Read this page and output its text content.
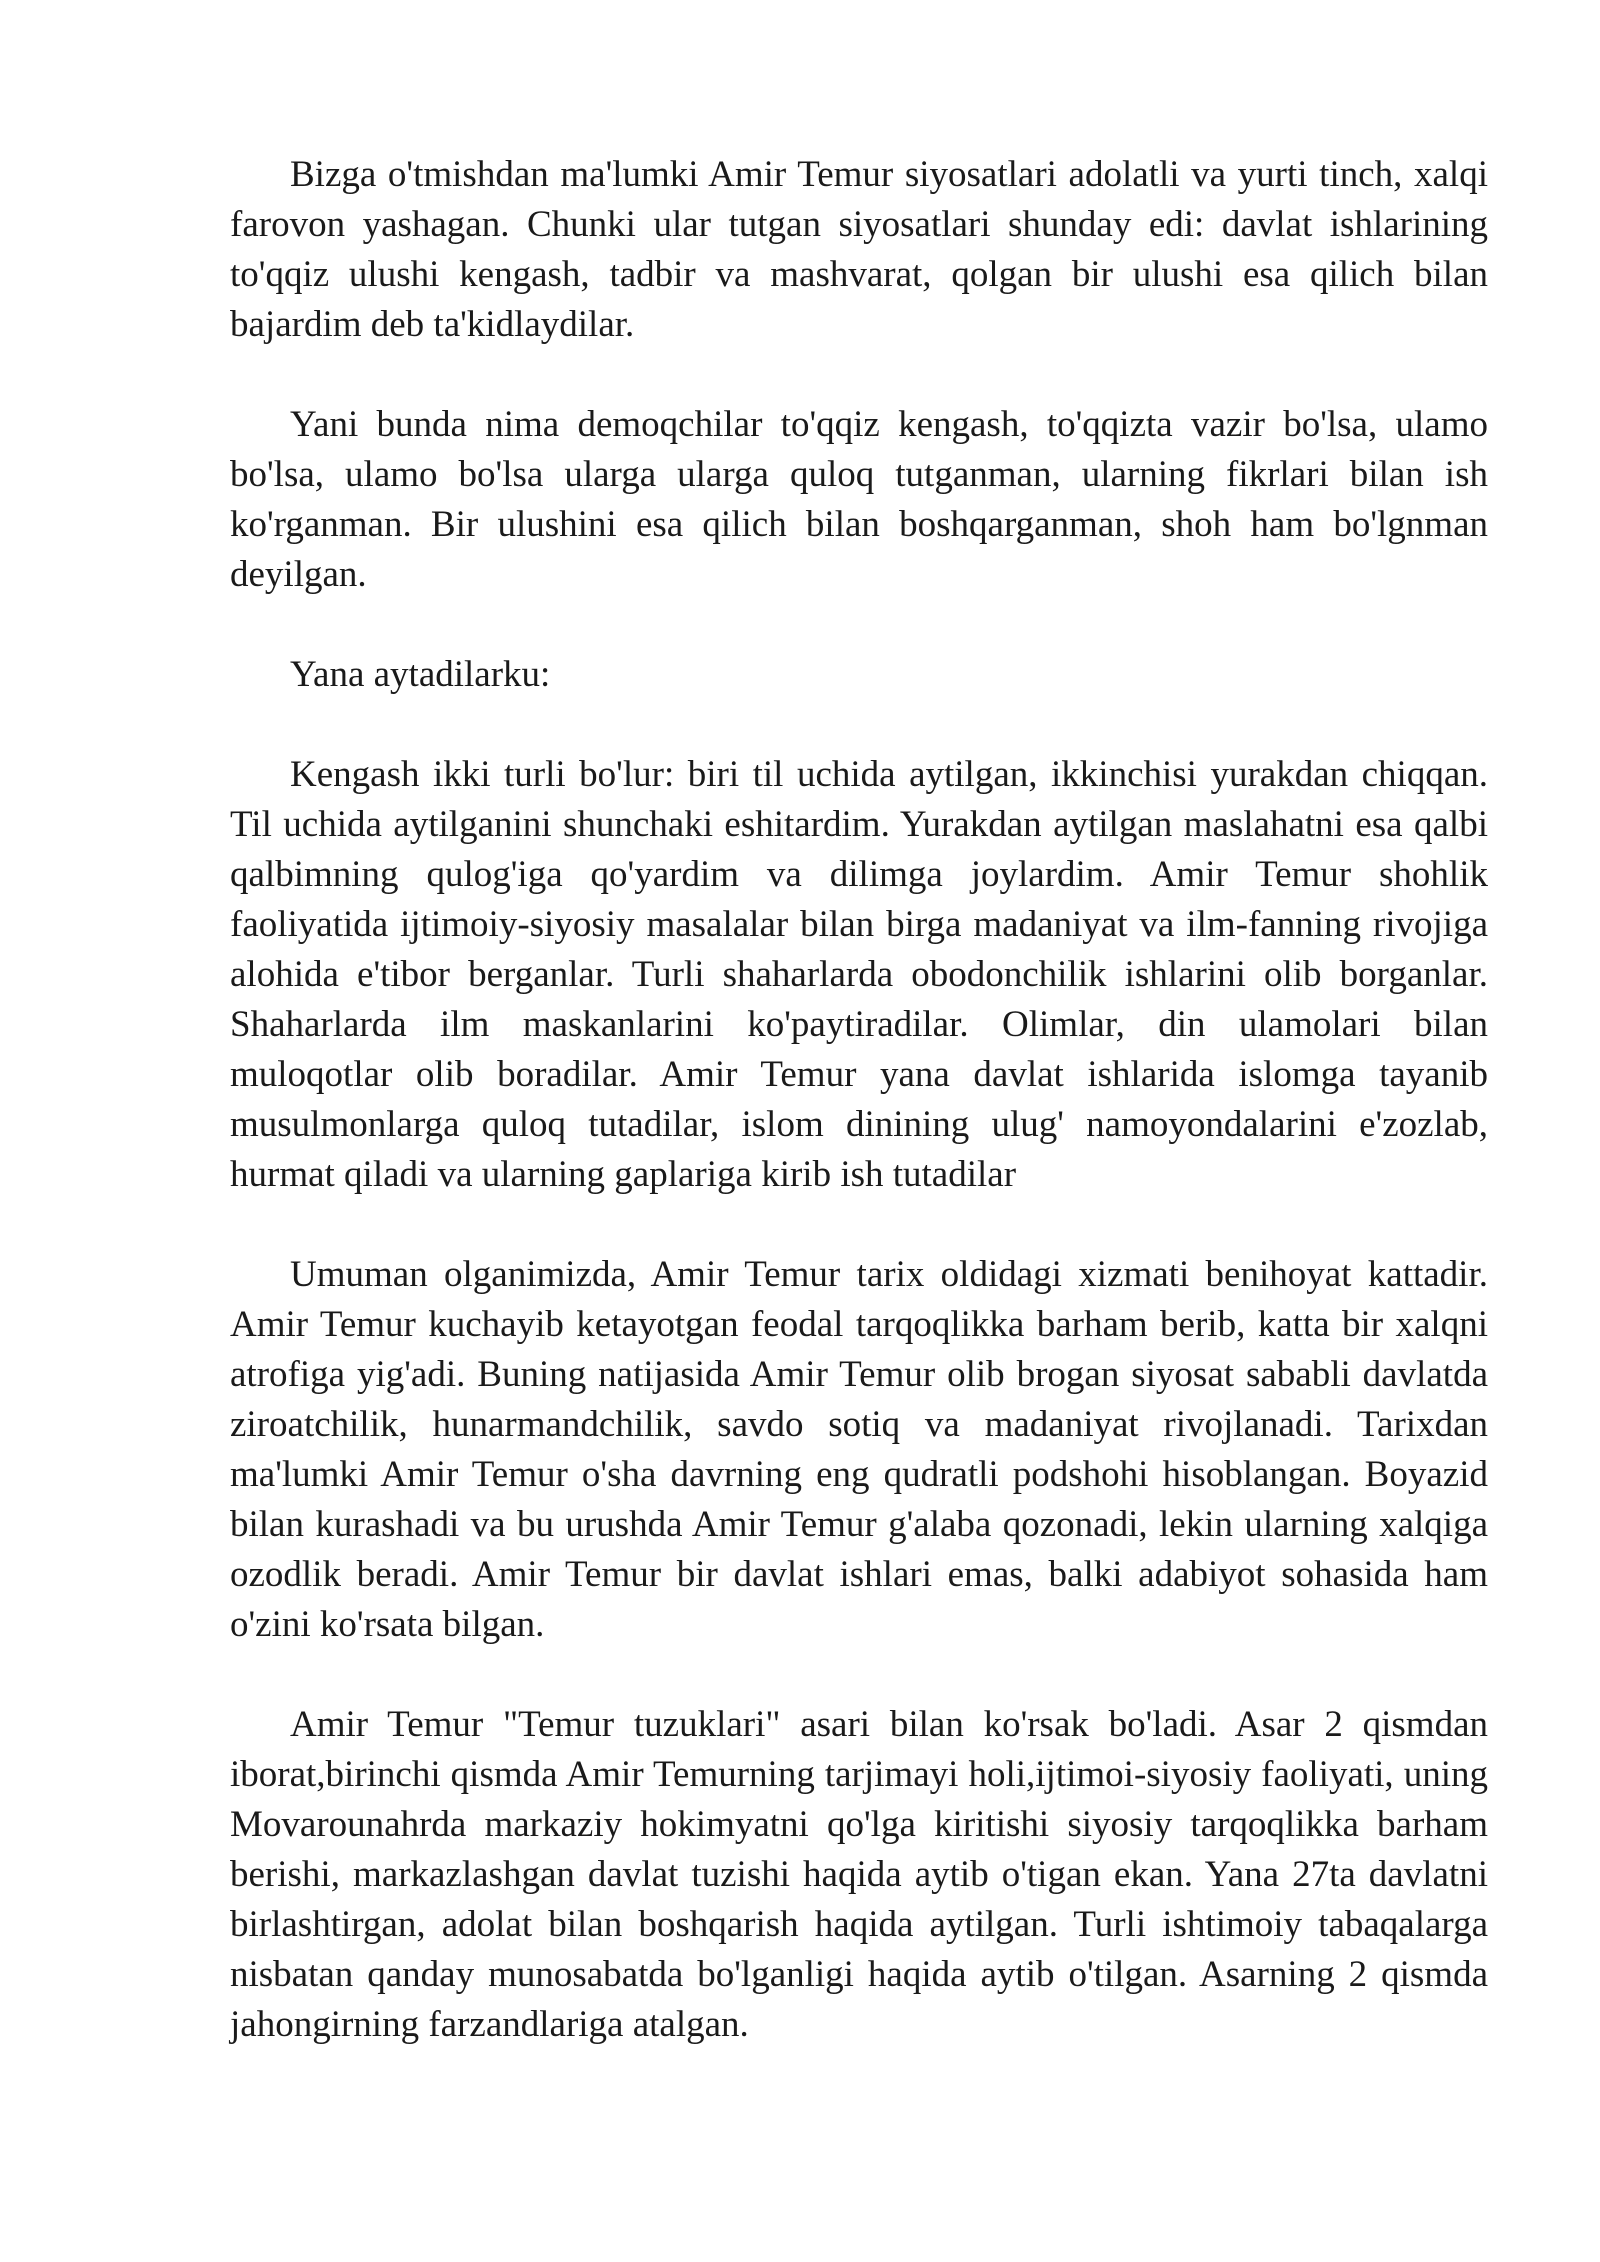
Bizga o'tmishdan ma'lumki Amir Temur siyosatlari adolatli va yurti tinch, xalqi farovon yashagan. Chunki ular tutgan siyosatlari shunday edi: davlat ishlarining to'qqiz ulushi kengash, tadbir va mashvarat, qolgan bir ulushi esa qilich bilan bajardim deb ta'kidlaydilar.

Yani bunda nima demoqchilar to'qqiz kengash, to'qqizta vazir bo'lsa, ulamo bo'lsa, ulamo bo'lsa ularga ularga quloq tutganman, ularning fikrlari bilan ish ko'rganman. Bir ulushini esa qilich bilan boshqarganman, shoh ham bo'lgnman deyilgan.

Yana aytadilarku:

Kengash ikki turli bo'lur: biri til uchida aytilgan, ikkinchisi yurakdan chiqqan. Til uchida aytilganini shunchaki eshitardim. Yurakdan aytilgan maslahatni esa qalbi qalbimning qulog'iga qo'yardim va dilimga joylardim. Amir Temur shohlik faoliyatida ijtimoiy-siyosiy masalalar bilan birga madaniyat va ilm-fanning rivojiga alohida e'tibor berganlar. Turli shaharlarda obodonchilik ishlarini olib borganlar. Shaharlarda ilm maskanlarini ko'paytiradilar. Olimlar, din ulamolari bilan muloqotlar olib boradilar. Amir Temur yana davlat ishlarida islomga tayanib musulmonlarga quloq tutadilar, islom dinining ulug' namoyondalarini e'zozlab, hurmat qiladi va ularning gaplariga kirib ish tutadilar

Umuman olganimizda, Amir Temur tarix oldidagi xizmati benihoyat kattadir. Amir Temur kuchayib ketayotgan feodal tarqoqlikka barham berib, katta bir xalqni atrofiga yig'adi. Buning natijasida Amir Temur olib brogan siyosat sababli davlatda ziroatchilik, hunarmandchilik, savdo sotiq va madaniyat rivojlanadi. Tarixdan ma'lumki Amir Temur o'sha davrning eng qudratli podshohi hisoblangan. Boyazid bilan kurashadi va bu urushda Amir Temur g'alaba qozonadi, lekin ularning xalqiga ozodlik beradi. Amir Temur bir davlat ishlari emas, balki adabiyot sohasida ham o'zini ko'rsata bilgan.

Amir Temur "Temur tuzuklari" asari bilan ko'rsak bo'ladi. Asar 2 qismdan iborat,birinchi qismda Amir Temurning tarjimayi holi,ijtimoi-siyosiy faoliyati, uning Movarounahrda markaziy hokimyatni qo'lga kiritishi siyosiy tarqoqlikka barham berishi, markazlashgan davlat tuzishi haqida aytib o'tigan ekan. Yana 27ta davlatni birlashtirgan, adolat bilan boshqarish haqida aytilgan. Turli ishtimoiy tabaqalarga nisbatan qanday munosabatda bo'lganligi haqida aytib o'tilgan. Asarning 2 qismda jahongirning farzandlariga atalgan.
